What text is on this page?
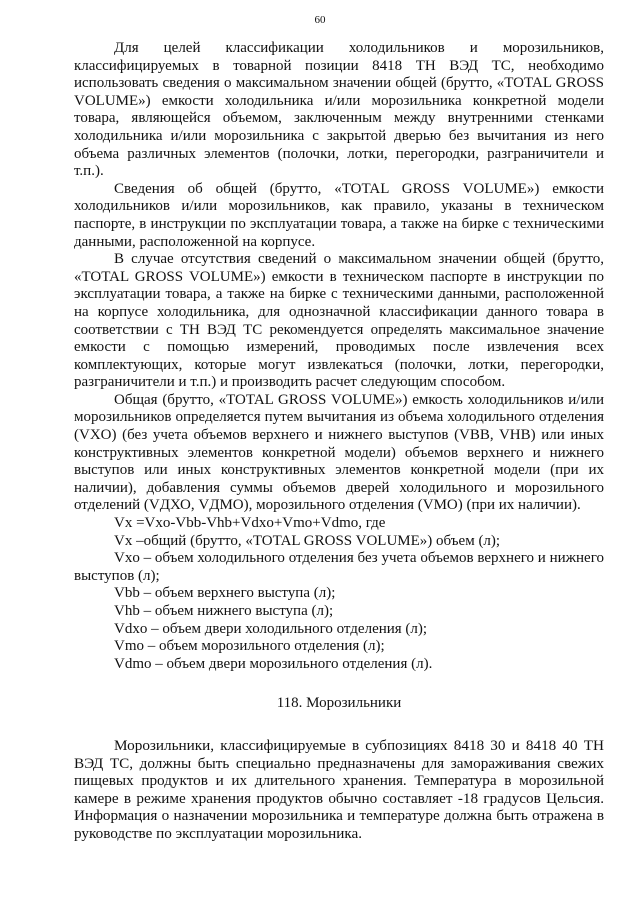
60

Для целей классификации холодильников и морозильников, классифицируемых в товарной позиции 8418 ТН ВЭД ТС, необходимо использовать сведения о максимальном значении общей (брутто, «TOTAL GROSS VOLUME») емкости холодильника и/или морозильника конкретной модели товара, являющейся объемом, заключенным между внутренними стенками холодильника и/или морозильника с закрытой дверью без вычитания из него объема различных элементов (полочки, лотки, перегородки, разграничители и т.п.).

Сведения об общей (брутто, «TOTAL GROSS VOLUME») емкости холодильников и/или морозильников, как правило, указаны в техническом паспорте, в инструкции по эксплуатации товара, а также на бирке с техническими данными, расположенной на корпусе.

В случае отсутствия сведений о максимальном значении общей (брутто, «TOTAL GROSS VOLUME») емкости в техническом паспорте в инструкции по эксплуатации товара, а также на бирке с техническими данными, расположенной на корпусе холодильника, для однозначной классификации данного товара в соответствии с ТН ВЭД ТС рекомендуется определять максимальное значение емкости с помощью измерений, проводимых после извлечения всех комплектующих, которые могут извлекаться (полочки, лотки, перегородки, разграничители и т.п.) и производить расчет следующим способом.

Общая (брутто, «TOTAL GROSS VOLUME») емкость холодильников и/или морозильников определяется путем вычитания из объема холодильного отделения (VXO) (без учета объемов верхнего и нижнего выступов (VBB, VHB) или иных конструктивных элементов конкретной модели) объемов верхнего и нижнего выступов или иных конструктивных элементов конкретной модели (при их наличии), добавления суммы объемов дверей холодильного и морозильного отделений (VДХО, VДМО), морозильного отделения (VMO) (при их наличии).

Vx =Vxo-Vbb-Vhb+Vdxo+Vmo+Vdmo, где
Vx –общий (брутто, «TOTAL GROSS VOLUME») объем (л);
Vxo – объем холодильного отделения без учета объемов верхнего и нижнего выступов (л);
Vbb – объем верхнего выступа (л);
Vhb – объем нижнего выступа (л);
Vdxo – объем двери холодильного отделения (л);
Vmo – объем морозильного отделения (л);
Vdmo – объем двери морозильного отделения (л).
118. Морозильники

Морозильники, классифицируемые в субпозициях 8418 30 и 8418 40 ТН ВЭД ТС, должны быть специально предназначены для замораживания свежих пищевых продуктов и их длительного хранения. Температура в морозильной камере в режиме хранения продуктов обычно составляет -18 градусов Цельсия. Информация о назначении морозильника и температуре должна быть отражена в руководстве по эксплуатации морозильника.
